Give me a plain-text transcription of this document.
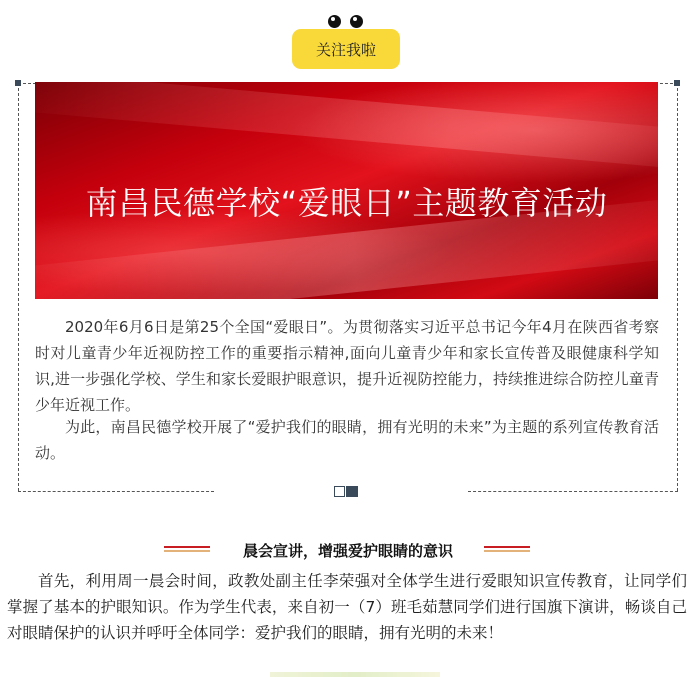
关注我啦
南昌民德学校“爱眼日”主题教育活动

2020年6月6日是第25个全国“爱眼日”。为贯彻落实习近平总书记今年4月在陕西省考察时对儿童青少年近视防控工作的重要指示精神,面向儿童青少年和家长宣传普及眼健康科学知识,进一步强化学校、学生和家长爱眼护眼意识，提升近视防控能力，持续推进综合防控儿童青少年近视工作。

为此，南昌民德学校开展了“爱护我们的眼睛，拥有光明的未来”为主题的系列宣传教育活动。

晨会宣讲，增强爱护眼睛的意识

首先，利用周一晨会时间，政教处副主任李荣强对全体学生进行爱眼知识宣传教育，让同学们掌握了基本的护眼知识。作为学生代表，来自初一（7）班毛茹慧同学们进行国旗下演讲，畅谈自己对眼睛保护的认识并呼吁全体同学：爱护我们的眼睛，拥有光明的未来！
